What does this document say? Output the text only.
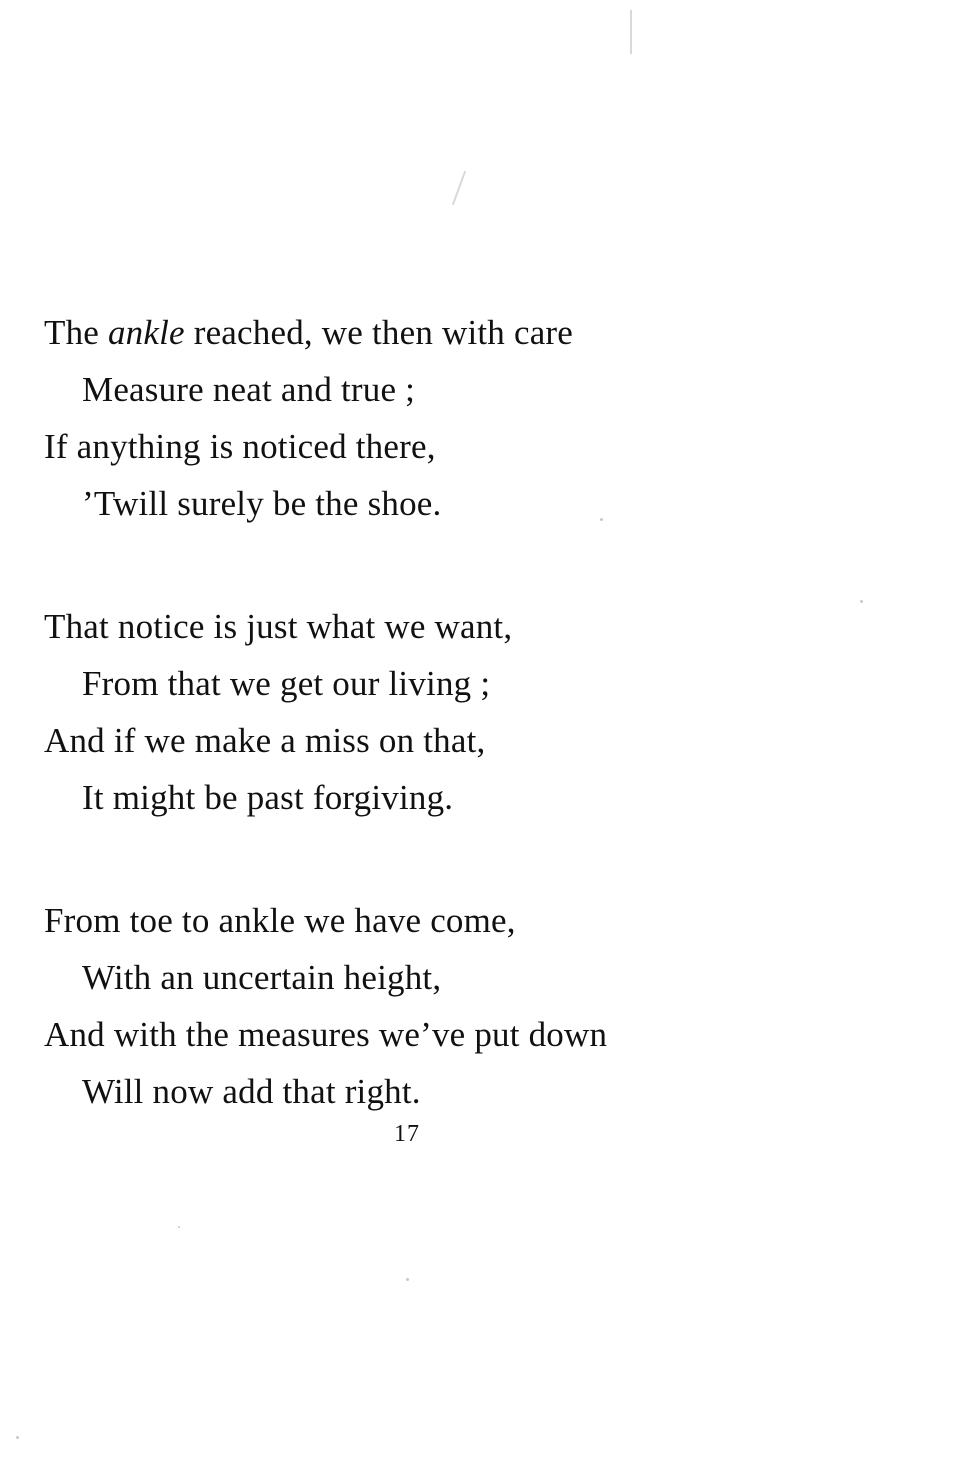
The ankle reached, we then with care
Measure neat and true ;
If anything is noticed there,
’Twill surely be the shoe.
That notice is just what we want,
From that we get our living ;
And if we make a miss on that,
It might be past forgiving.
From toe to ankle we have come,
With an uncertain height,
And with the measures we’ve put down
Will now add that right.
17
